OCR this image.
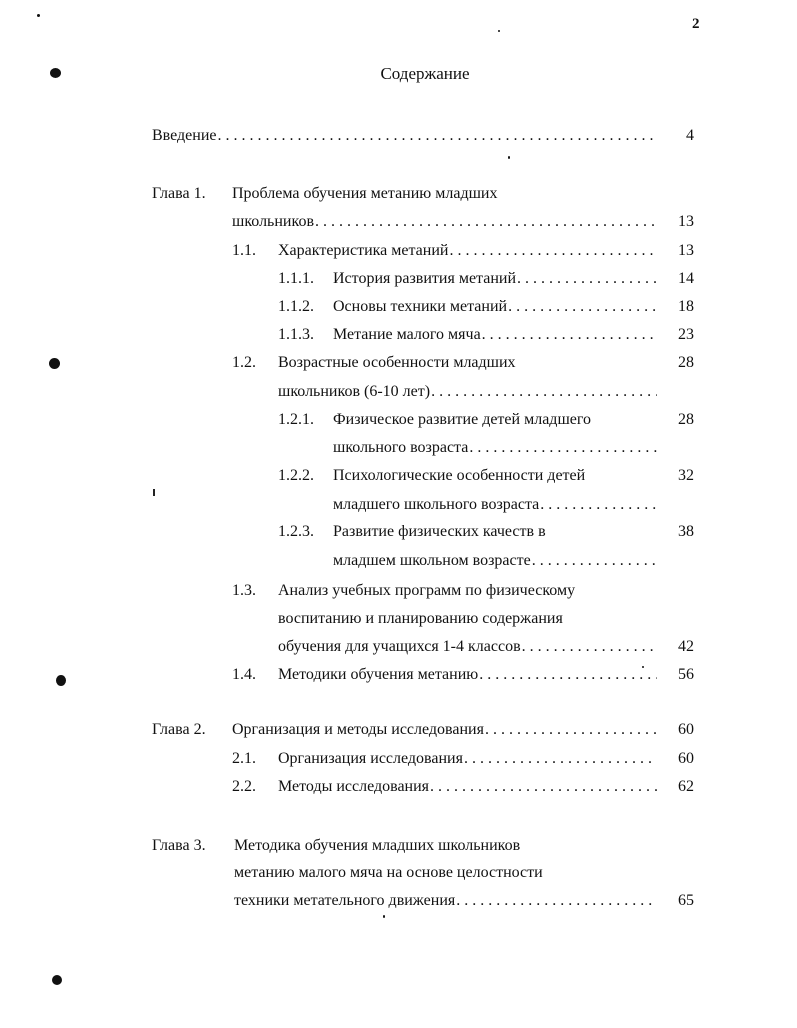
2
Содержание
Введение . . .	4
Глава 1. Проблема обучения метанию младших
школьников . . .	13
1.1. Характеристика метаний . . .	13
1.1.1. История развития метаний . . .	14
1.1.2. Основы техники метаний . . .	18
1.1.3. Метание малого мяча . . .	23
1.2. Возрастные особенности младших	28
школьников (6-10 лет)
. . .
1.2.1. Физическое развитие детей младшего	28
школьного возраста
. . .
1.2.2. Психологические особенности детей	32
младшего школьного возраста
. . .
1.2.3. Развитие физических качеств в	38
младшем школьном возрасте
. . .
1.3. Анализ учебных программ по физическому
воспитанию и планированию содержания
обучения для учащихся 1-4 классов . . .	42
1.4. Методики обучения метанию . . .	56
Глава 2. Организация и методы исследования . . .	60
2.1. Организация исследования . . .	60
2.2. Методы исследования . . .	62
Глава 3. Методика обучения младших школьников
метанию малого мяча на основе целостности
техники метательного движения . . .	65
